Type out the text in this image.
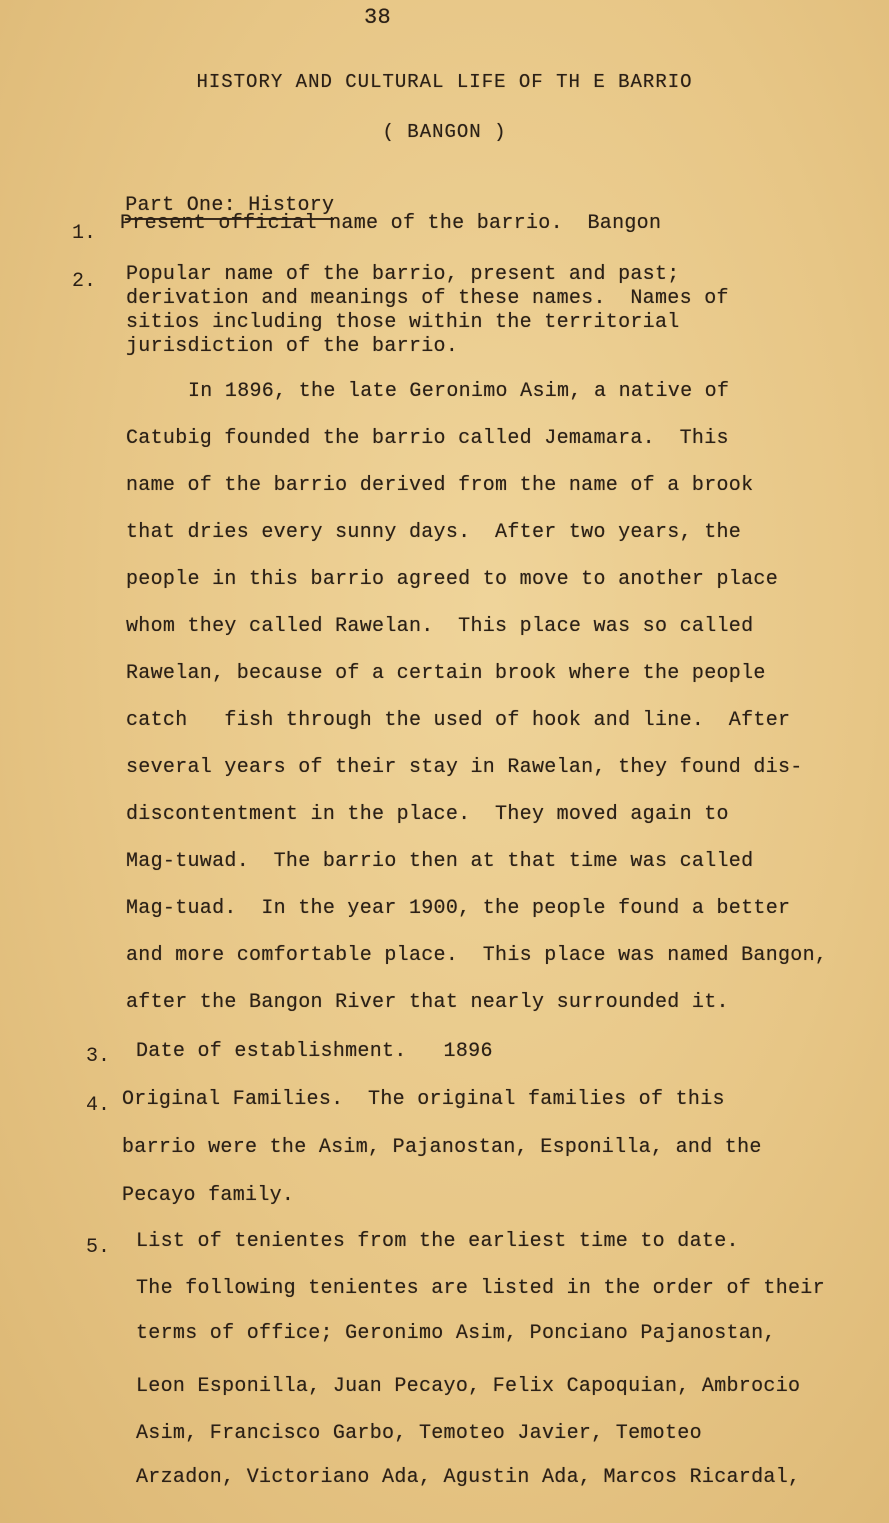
38
HISTORY AND CULTURAL LIFE OF TH E BARRIO
( BANGON )

Part One: History

1. Present official name of the barrio.  Bangon
2. Popular name of the barrio, present and past;
derivation and meanings of these names.  Names of
sitios including those within the territorial
jurisdiction of the barrio.
In 1896, the late Geronimo Asim, a native of
Catubig founded the barrio called Jemamara.  This
name of the barrio derived from the name of a brook
that dries every sunny days.  After two years, the
people in this barrio agreed to move to another place
whom they called Rawelan.  This place was so called
Rawelan, because of a certain brook where the people
catch   fish through the used of hook and line.  After
several years of their stay in Rawelan, they found dis-
discontentment in the place.  They moved again to
Mag-tuwad.  The barrio then at that time was called
Mag-tuad.  In the year 1900, the people found a better
and more comfortable place.  This place was named Bangon,
after the Bangon River that nearly surrounded it.
3. Date of establishment.   1896
4. Original Families.  The original families of this
barrio were the Asim, Pajanostan, Esponilla, and the
Pecayo family.
5. List of tenientes from the earliest time to date.
The following tenientes are listed in the order of their
terms of office; Geronimo Asim, Ponciano Pajanostan,
Leon Esponilla, Juan Pecayo, Felix Capoquian, Ambrocio
Asim, Francisco Garbo, Temoteo Javier, Temoteo
Arzadon, Victoriano Ada, Agustin Ada, Marcos Ricardal,
